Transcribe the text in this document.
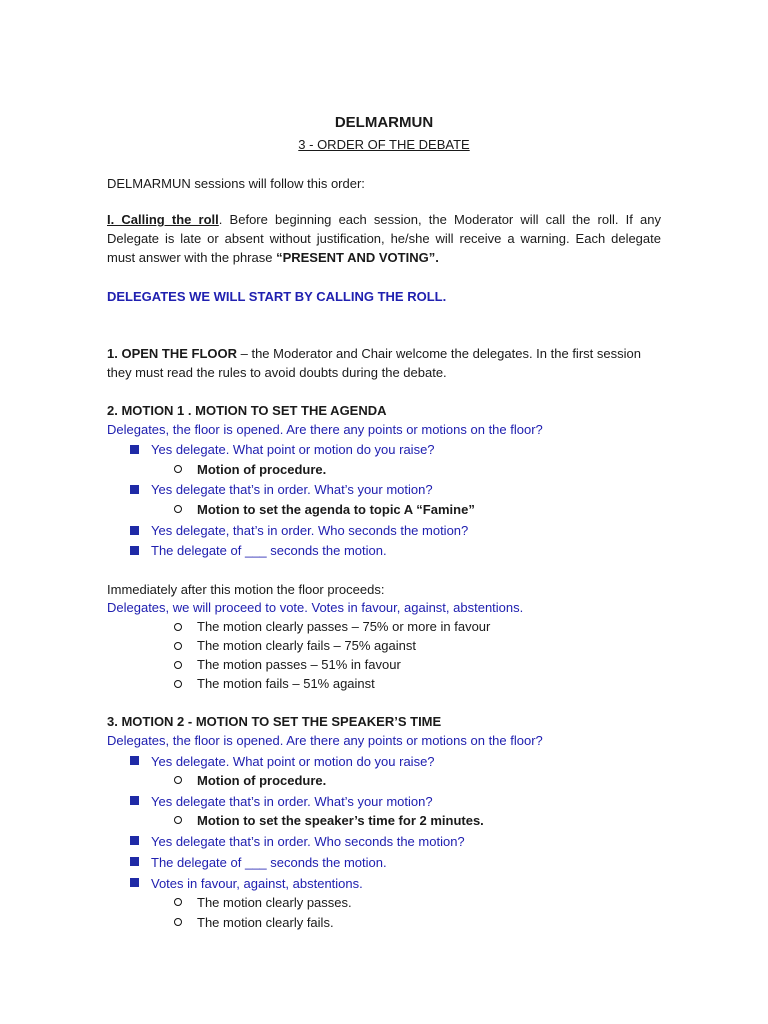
DELMARMUN
3 - ORDER OF THE DEBATE
DELMARMUN sessions will follow this order:
I. Calling the roll. Before beginning each session, the Moderator will call the roll. If any Delegate is late or absent without justification, he/she will receive a warning. Each delegate must answer with the phrase “PRESENT AND VOTING”.
DELEGATES WE WILL START BY CALLING THE ROLL.
1. OPEN THE FLOOR – the Moderator and Chair welcome the delegates. In the first session
they must read the rules to avoid doubts during the debate.
2. MOTION 1 . MOTION TO SET THE AGENDA
Delegates, the floor is opened. Are there any points or motions on the floor?
Yes delegate. What point or motion do you raise?
Motion of procedure.
Yes delegate that’s in order. What’s your motion?
Motion to set the agenda to topic A “Famine”
Yes delegate, that’s in order. Who seconds the motion?
The delegate of ___ seconds the motion.
Immediately after this motion the floor proceeds:
Delegates, we will proceed to vote. Votes in favour, against, abstentions.
The motion clearly passes – 75% or more in favour
The motion clearly fails – 75% against
The motion passes – 51% in favour
The motion fails – 51% against
3. MOTION 2 - MOTION TO SET THE SPEAKER’S TIME
Delegates, the floor is opened. Are there any points or motions on the floor?
Yes delegate. What point or motion do you raise?
Motion of procedure.
Yes delegate that’s in order. What’s your motion?
Motion to set the speaker’s time for 2 minutes.
Yes delegate that’s in order. Who seconds the motion?
The delegate of ___ seconds the motion.
Votes in favour, against, abstentions.
The motion clearly passes.
The motion clearly fails.
